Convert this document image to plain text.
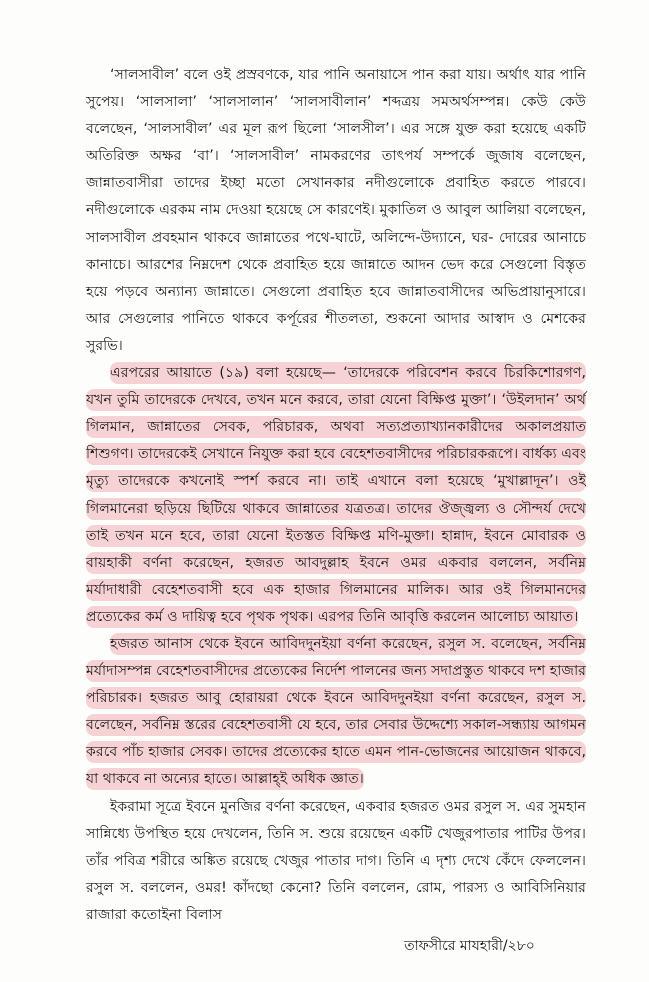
‘সালসাবীল’ বলে ওই প্রস্রবণকে, যার পানি অনায়াসে পান করা যায়। অর্থাৎ যার পানি সুপেয়। ‘সালসালা’ ‘সালসালান’ ‘সালসাবীলান’ শব্দত্রয় সমঅর্থসম্পন্ন। কেউ কেউ বলেছেন, ‘সালসাবীল’ এর মূল রূপ ছিলো ‘সালসীল’। এর সঙ্গে যুক্ত করা হয়েছে একটি অতিরিক্ত অক্ষর ‘বা’। ‘সালসাবীল’ নামকরণের তাৎপর্য সম্পর্কে জুজাষ বলেছেন, জান্নাতবাসীরা তাদের ইচ্ছা মতো সেখানকার নদীগুলোকে প্রবাহিত করতে পারবে। নদীগুলোকে এরকম নাম দেওয়া হয়েছে সে কারণেই। মুকাতিল ও আবুল আলিয়া বলেছেন, সালসাবীল প্রবহমান থাকবে জান্নাতের পথে-ঘাটে, অলিন্দে-উদ্যানে, ঘর- দোরের আনাচে কানাচে। আরশের নিম্নদেশ থেকে প্রবাহিত হয়ে জান্নাতে আদন ভেদ করে সেগুলো বিস্তৃত হয়ে পড়বে অন্যান্য জান্নাতে। সেগুলো প্রবাহিত হবে জান্নাতবাসীদের অভিপ্রায়ানুসারে। আর সেগুলোর পানিতে থাকবে কর্পূরের শীতলতা, শুকনো আদার আস্বাদ ও মেশকের সুরভি।

এরপরের আয়াতে (১৯) বলা হয়েছে— ‘তাদেরকে পরিবেশন করবে চিরকিশোরগণ, যখন তুমি তাদেরকে দেখবে, তখন মনে করবে, তারা যেনো বিক্ষিপ্ত মুক্তা’। ‘উইলদান’ অর্থ গিলমান, জান্নাতের সেবক, পরিচারক, অথবা সত্যপ্রত্যাখ্যানকারীদের অকালপ্রয়াত শিশুগণ। তাদেরকেই সেখানে নিযুক্ত করা হবে বেহেশতবাসীদের পরিচারকরূপে। বার্ধক্য এবং মৃত্যু তাদেরকে কখনোই স্পর্শ করবে না। তাই এখানে বলা হয়েছে ‘মুখাল্লাদূন’। ওই গিলমানেরা ছড়িয়ে ছিটিয়ে থাকবে জান্নাতের যত্রতত্র। তাদের ঔজ্জ্বল্য ও সৌন্দর্য দেখে তাই তখন মনে হবে, তারা যেনো ইতস্তত বিক্ষিপ্ত মণি-মুক্তা। হান্নাদ, ইবনে মোবারক ও বায়হাকী বর্ণনা করেছেন, হজরত আবদুল্লাহ ইবনে ওমর একবার বললেন, সর্বনিম্ন মর্যাদাধারী বেহেশতবাসী হবে এক হাজার গিলমানের মালিক। আর ওই গিলমানদের প্রত্যেকের কর্ম ও দায়িত্ব হবে পৃথক পৃথক। এরপর তিনি আবৃত্তি করলেন আলোচ্য আয়াত।

হজরত আনাস থেকে ইবনে আবিদদুনইয়া বর্ণনা করেছেন, রসুল স. বলেছেন, সর্বনিম্ন মর্যাদাসম্পন্ন বেহেশতবাসীদের প্রত্যেকের নির্দেশ পালনের জন্য সদাপ্রস্তুত থাকবে দশ হাজার পরিচারক। হজরত আবু হোরায়রা থেকে ইবনে আবিদদুনইয়া বর্ণনা করেছেন, রসুল স. বলেছেন, সর্বনিম্ন স্তরের বেহেশতবাসী যে হবে, তার সেবার উদ্দেশ্যে সকাল-সন্ধ্যায় আগমন করবে পাঁচ হাজার সেবক। তাদের প্রত্যেকের হাতে এমন পান-ভোজনের আয়োজন থাকবে, যা থাকবে না অন্যের হাতে। আল্লাহ্ই অধিক জ্ঞাত।

ইকরামা সূত্রে ইবনে মুনজির বর্ণনা করেছেন, একবার হজরত ওমর রসুল স. এর সুমহান সান্নিধ্যে উপস্থিত হয়ে দেখলেন, তিনি স. শুয়ে রয়েছেন একটি খেজুরপাতার পাটির উপর। তাঁর পবিত্র শরীরে অঙ্কিত রয়েছে খেজুর পাতার দাগ। তিনি এ দৃশ্য দেখে কেঁদে ফেললেন। রসুল স. বললেন, ওমর! কাঁদছো কেনো? তিনি বললেন, রোম, পারস্য ও আবিসিনিয়ার রাজারা কতোইনা বিলাস

তাফসীরে মাযহারী/২৮০
